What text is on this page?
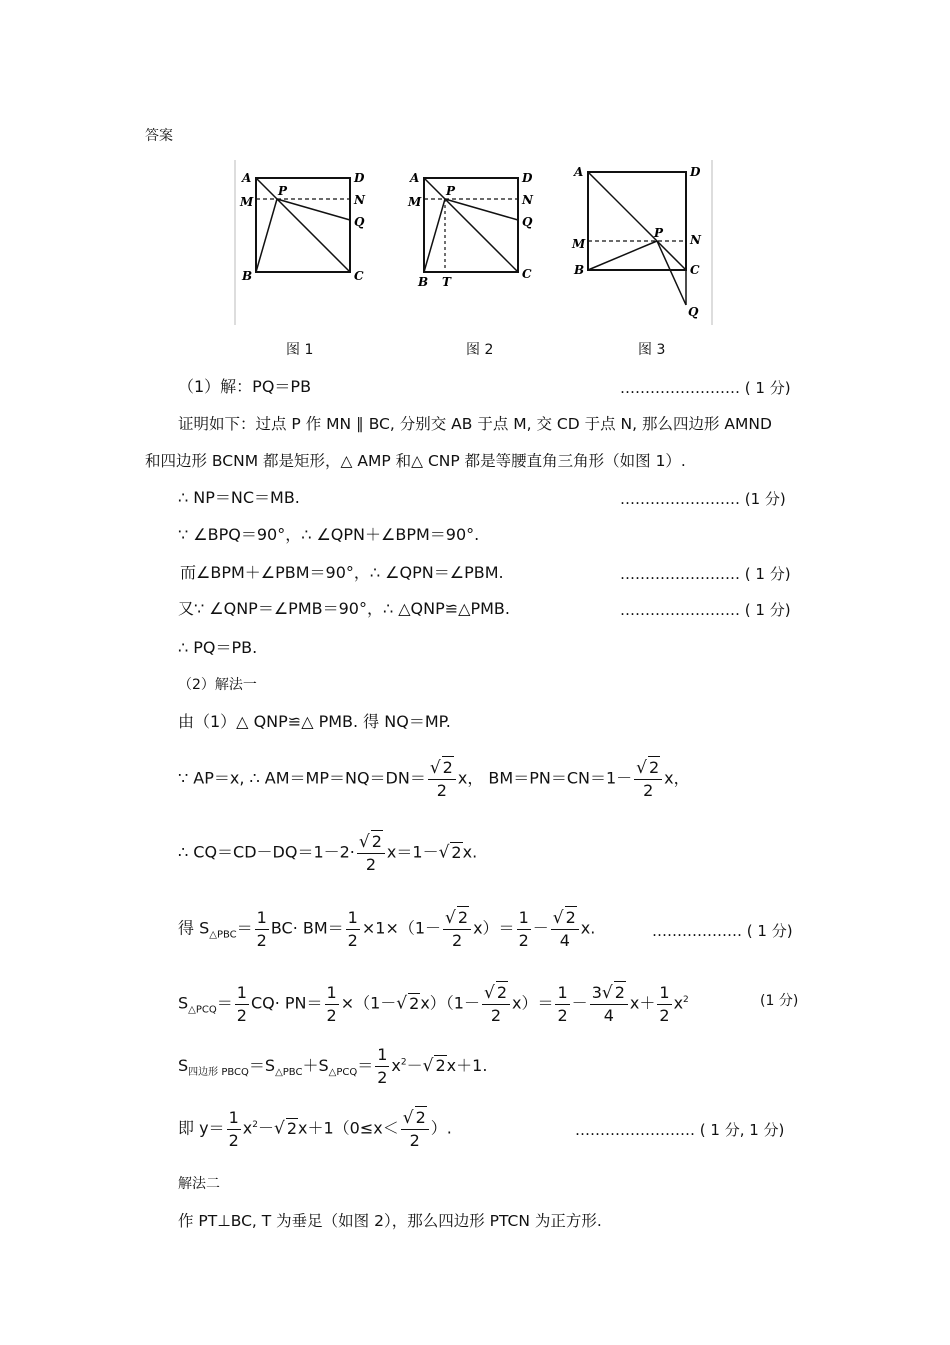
答案
A	D
M
P
N
Q
B	C
A	D
M
P
N
Q
B T
C
A	D
M
P N
B	C
Q
图 1	图 2	图 3
（1）解：PQ＝PB	…………………… ( 1 分)
证明如下：过点 P 作 MN ∥ BC, 分别交 AB 于点 M, 交 CD 于点 N, 那么四边形 AMND
和四边形 BCNM 都是矩形，△ AMP 和△ CNP 都是等腰直角三角形（如图 1）.
∴ NP＝NC＝MB.	…………………… (1 分)
∵ ∠BPQ＝90°，∴ ∠QPN＋∠BPM＝90°.
而∠BPM＋∠PBM＝90°，∴ ∠QPN＝∠PBM.	…………………… ( 1 分)
又∵ ∠QNP＝∠PMB＝90°，∴ △QNP≌△PMB.	…………………… ( 1 分)
∴ PQ＝PB.
（2）解法一
由（1）△ QNP≌△ PMB. 得 NQ＝MP.
∵ AP＝x, ∴ $AM=MP=NQ=DN= \frac{√ 2}{2}$ x， $BM=PN=CN=1- \frac{√ 2}{2}$ x，
∴ $CQ=CD-DQ=1-2\cdot \frac{√ 2}{2} x=1-√$ 2x.
得 $S_{\triangle PBC}= \frac{1}{2} BC\cdot BM= \frac{1}{2} \times 1\times(1- \frac{√ 2}{2} x)= \frac{1}{2} - \frac{√ 2}{4} x$.	……………… ( 1 分)
$S_{\triangle PCQ}= \frac{1}{2} CQ\cdot PN= \frac{1}{2} \times(1-√$ $2x)(1- \frac{√ 2}{2} x)= \frac{1}{2} - \frac{3√ 2}{4} x+ \frac{1}{2} x^2$	(1 分)
$S_{四边形 PBCQ}=S_{\triangle PBC}+S_{\triangle PCQ}= \frac{1}{2} x^2-√$ 2x＋1.
即 $y= \frac{1}{2} x^2-√$ $2x+1(0\le x< \frac{√ 2}{2}$ ）.	…………………… ( 1 分, 1 分)
解法二
作 PT⊥BC, T 为垂足（如图 2），那么四边形 PTCN 为正方形.
